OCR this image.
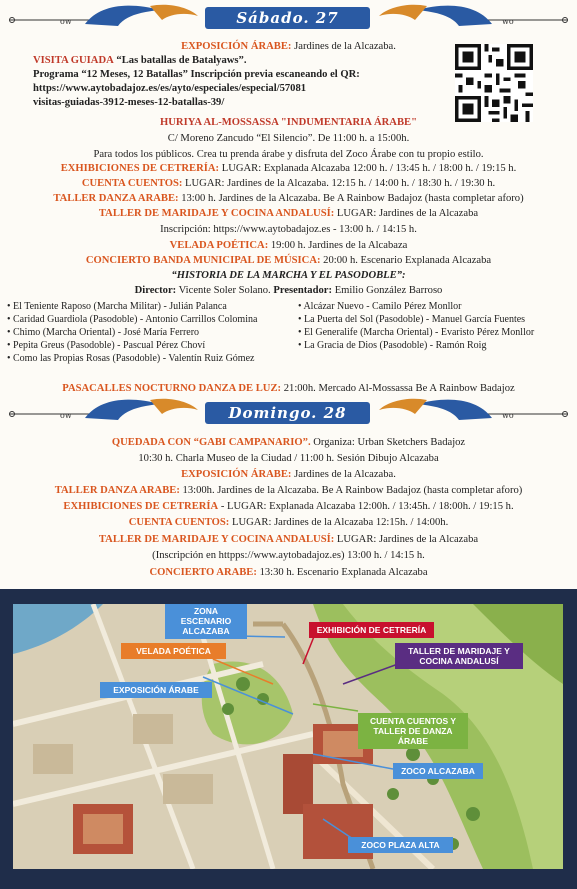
ow	Sábado. 27	wo
EXPOSICIÓN ÁRABE: Jardines de la Alcazaba.
VISITA GUIADA “Las batallas de Batalyaws”.
Programa “12 Meses, 12 Batallas” Inscripción previa escaneando el QR:
https://www.aytobadajoz.es/es/ayto/especiales/especial/57081
visitas-guiadas-3912-meses-12-batallas-39/
HURIYA AL-MOSSASSA "INDUMENTARIA ÁRABE"
C/ Moreno Zancudo “El Silencio”. De 11:00 h. a 15:00h.
Para todos los públicos. Crea tu prenda árabe y disfruta del Zoco Árabe con tu propio estilo.
EXHIBICIONES DE CETRERÍA: LUGAR: Explanada Alcazaba 12:00 h. / 13:45 h. / 18:00 h. / 19:15 h.
CUENTA CUENTOS: LUGAR: Jardines de la Alcazaba. 12:15 h. / 14:00 h. / 18:30 h. / 19:30 h.
TALLER DANZA ARABE: 13:00 h. Jardines de la Alcazaba. Be A Rainbow Badajoz (hasta completar aforo)
TALLER DE MARIDAJE Y COCINA ANDALUSÍ: LUGAR: Jardines de la Alcazaba
Inscripción: https://www.aytobadajoz.es - 13:00 h. / 14:15 h.
VELADA POÉTICA: 19:00 h. Jardines de la Alcabaza
CONCIERTO BANDA MUNICIPAL DE MÚSICA: 20:00 h. Escenario Explanada Alcazaba
“HISTORIA DE LA MARCHA Y EL PASODOBLE”:
Director: Vicente Soler Solano. Presentador: Emilio González Barroso
• El Teniente Raposo (Marcha Militar) - Julián Palanca
• Caridad Guardiola (Pasodoble) - Antonio Carrillos Colomina
• Chimo (Marcha Oriental) - José María Ferrero
• Pepita Greus (Pasodoble) - Pascual Pérez Choví
• Como las Propias Rosas (Pasodoble) - Valentín Ruiz Gómez
• Alcázar Nuevo - Camilo Pérez Monllor
• La Puerta del Sol (Pasodoble) - Manuel García Fuentes
• El Generalife (Marcha Oriental) - Evaristo Pérez Monllor
• La Gracia de Dios (Pasodoble) - Ramón Roig
PASACALLES NOCTURNO DANZA DE LUZ: 21:00h. Mercado Al-Mossassa Be A Rainbow Badajoz
ow	Domingo. 28	wo
QUEDADA CON “GABI CAMPANARIO”. Organiza: Urban Sketchers Badajoz
10:30 h. Charla Museo de la Ciudad / 11:00 h. Sesión Dibujo Alcazaba
EXPOSICIÓN ÁRABE: Jardines de la Alcazaba.
TALLER DANZA ARABE: 13:00h. Jardines de la Alcazaba. Be A Rainbow Badajoz (hasta completar aforo)
EXHIBICIONES DE CETRERÍA - LUGAR: Explanada Alcazaba 12:00h. / 13:45h. / 18:00h. / 19:15 h.
CUENTA CUENTOS: LUGAR: Jardines de la Alcazaba 12:15h. / 14:00h.
TALLER DE MARIDAJE Y COCINA ANDALUSÍ: LUGAR: Jardines de la Alcazaba
(Inscripción en httpps://www.aytobadajoz.es) 13:00 h. / 14:15 h.
CONCIERTO ARABE: 13:30 h. Escenario Explanada Alcazaba
ZONA ESCENARIO ALCAZABA	EXHIBICIÓN DE CETRERÍA
VELADA POÉTICA	TALLER DE MARIDAJE Y COCINA ANDALUSÍ
EXPOSICIÓN ÁRABE
CUENTA CUENTOS Y TALLER DE DANZA ÁRABE
ZOCO ALCAZABA
ZOCO PLAZA ALTA
